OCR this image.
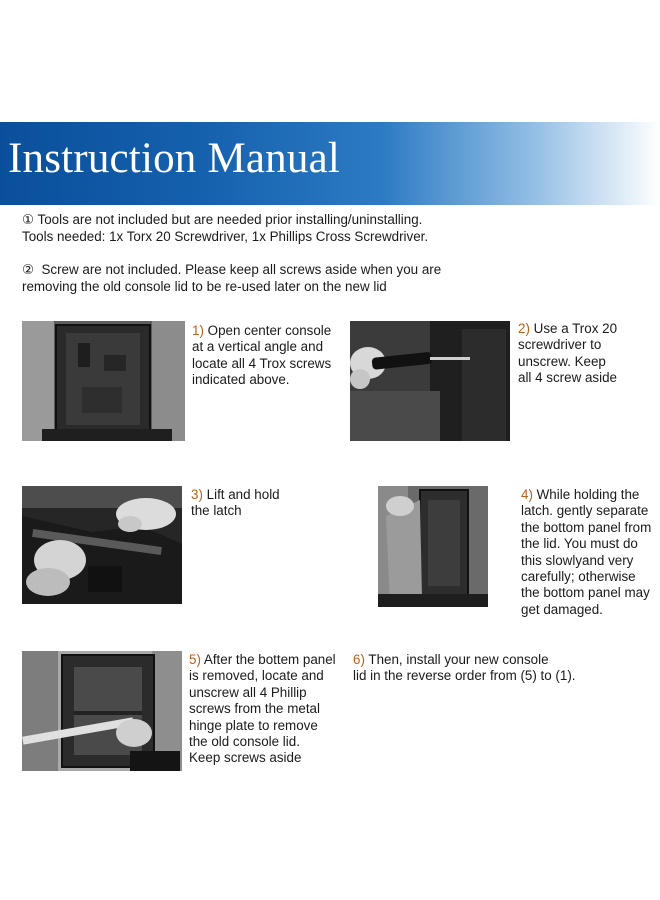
Instruction Manual
① Tools are not included but are needed prior installing/uninstalling.
Tools needed: 1x Torx 20 Screwdriver, 1x Phillips Cross Screwdriver.
② Screw are not included. Please keep all screws aside when you are
removing the old console lid to be re-used later on the new lid
1) Open center console
at a vertical angle and
locate all 4 Trox screws
indicated above.
2) Use a Trox 20
screwdriver to
unscrew. Keep
all 4 screw aside
3) Lift and hold
the latch
4) While holding the
latch. gently separate
the bottom panel from
the lid. You must do
this slowlyand very
carefully; otherwise
the bottom panel may
get damaged.
5) After the bottem panel
is removed, locate and
unscrew all 4 Phillip
screws from the metal
hinge plate to remove
the old console lid.
Keep screws aside
6) Then, install your new console
lid in the reverse order from (5) to (1).
